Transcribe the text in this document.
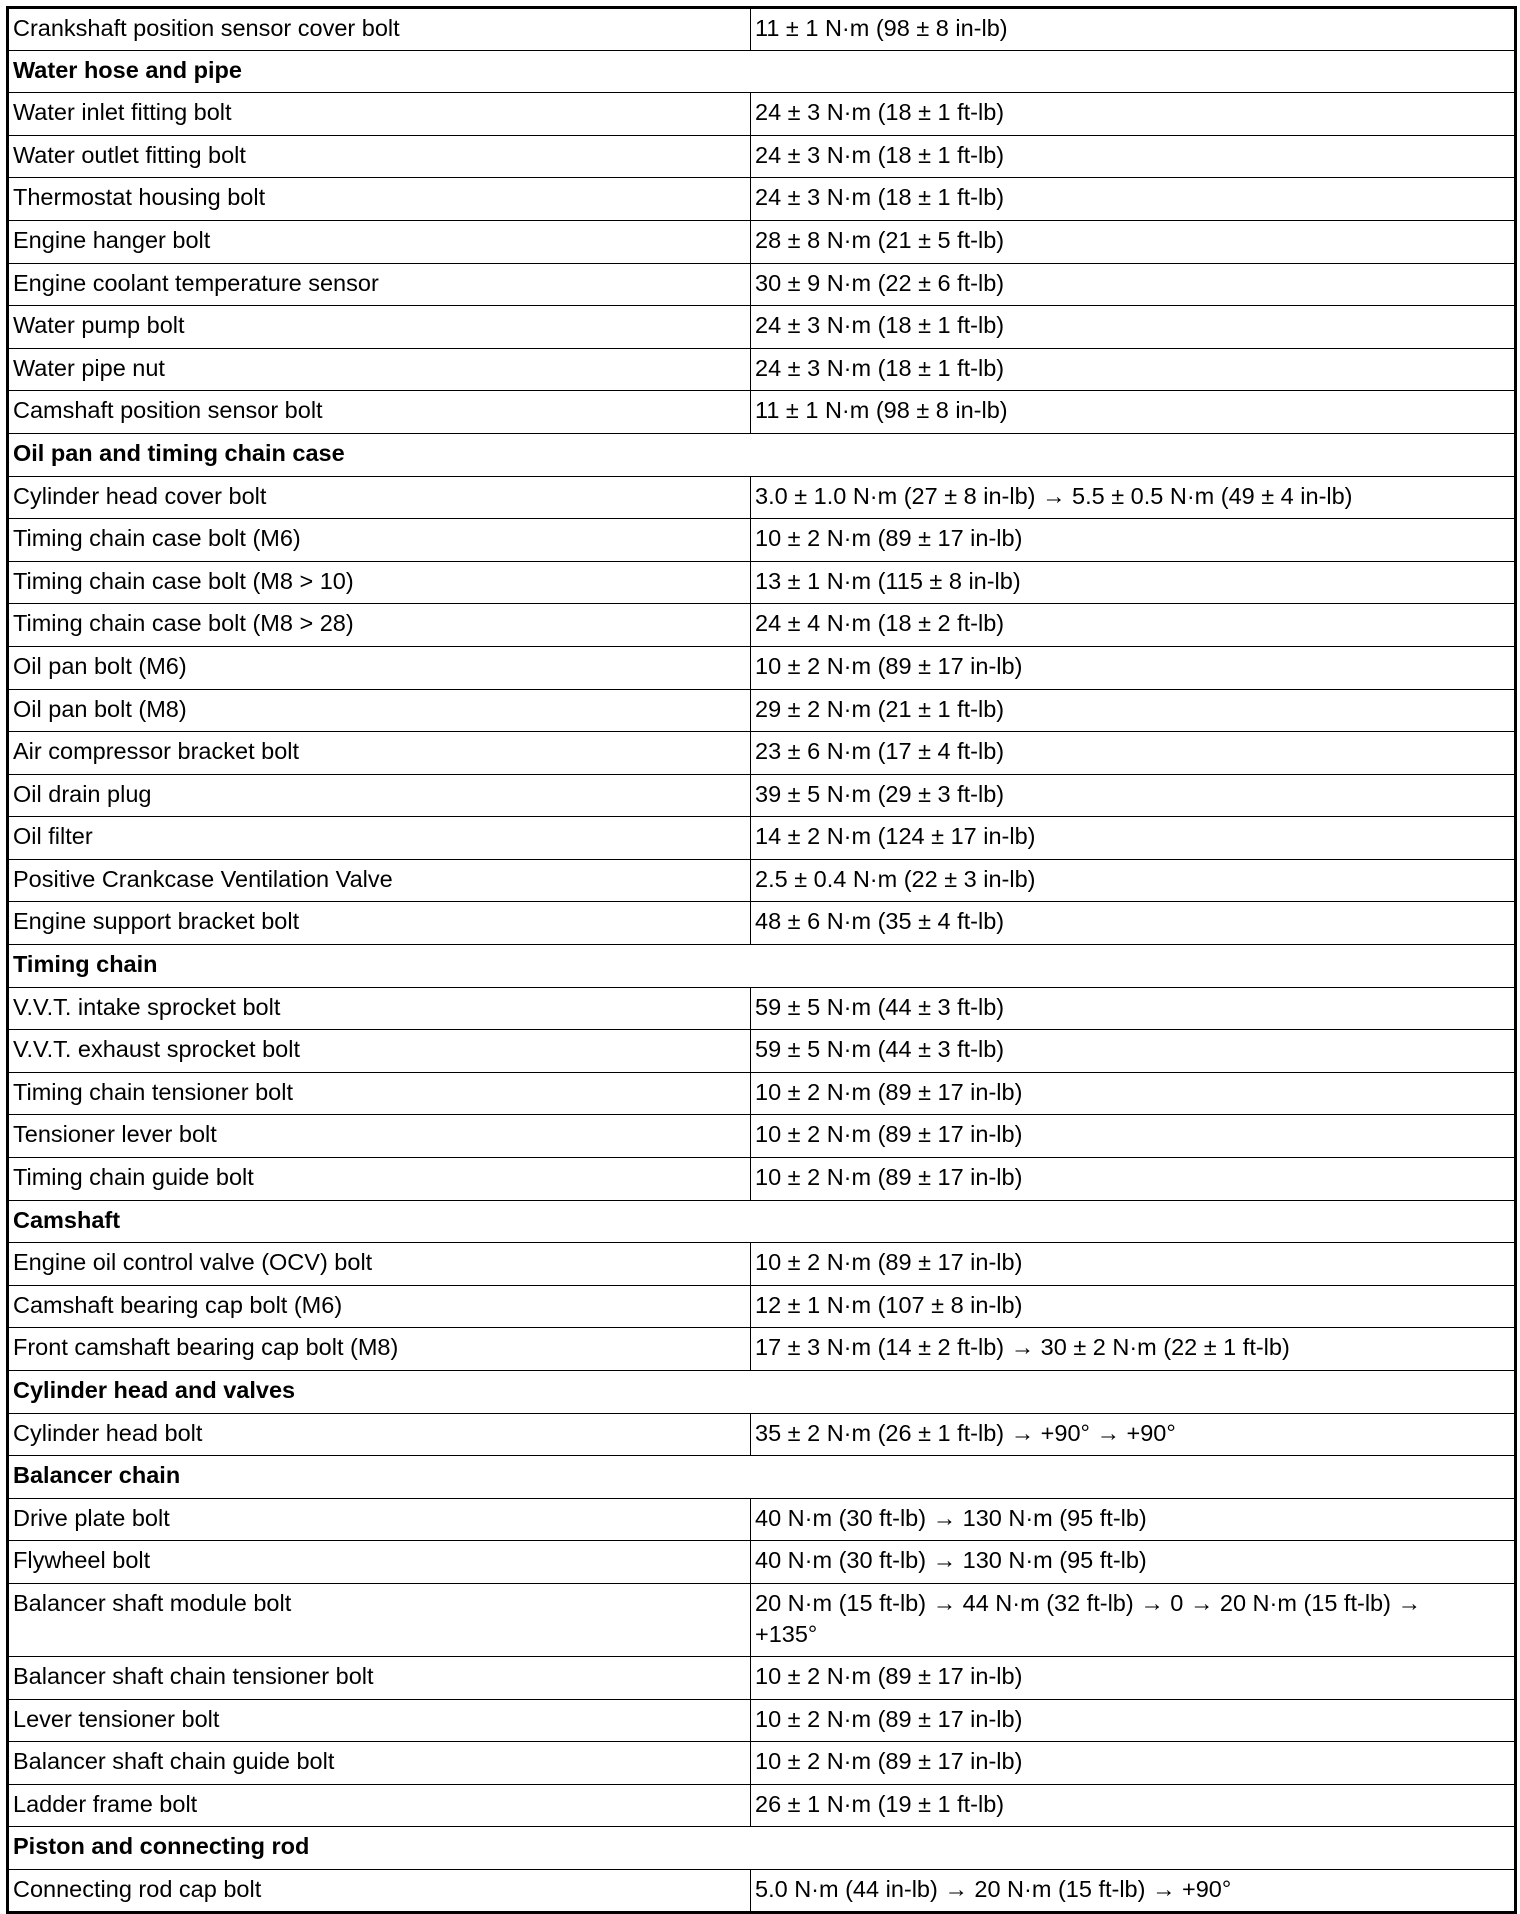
Crankshaft position sensor cover bolt	11 ± 1 N·m (98 ± 8 in-lb)
Water hose and pipe	
Water inlet fitting bolt	24 ± 3 N·m (18 ± 1 ft-lb)
Water outlet fitting bolt	24 ± 3 N·m (18 ± 1 ft-lb)
Thermostat housing bolt	24 ± 3 N·m (18 ± 1 ft-lb)
Engine hanger bolt	28 ± 8 N·m (21 ± 5 ft-lb)
Engine coolant temperature sensor	30 ± 9 N·m (22 ± 6 ft-lb)
Water pump bolt	24 ± 3 N·m (18 ± 1 ft-lb)
Water pipe nut	24 ± 3 N·m (18 ± 1 ft-lb)
Camshaft position sensor bolt	11 ± 1 N·m (98 ± 8 in-lb)
Oil pan and timing chain case	
Cylinder head cover bolt	3.0 ± 1.0 N·m (27 ± 8 in-lb) → 5.5 ± 0.5 N·m (49 ± 4 in-lb)
Timing chain case bolt (M6)	10 ± 2 N·m (89 ± 17 in-lb)
Timing chain case bolt (M8 > 10)	13 ± 1 N·m (115 ± 8 in-lb)
Timing chain case bolt (M8 > 28)	24 ± 4 N·m (18 ± 2 ft-lb)
Oil pan bolt (M6)	10 ± 2 N·m (89 ± 17 in-lb)
Oil pan bolt (M8)	29 ± 2 N·m (21 ± 1 ft-lb)
Air compressor bracket bolt	23 ± 6 N·m (17 ± 4 ft-lb)
Oil drain plug	39 ± 5 N·m (29 ± 3 ft-lb)
Oil filter	14 ± 2 N·m (124 ± 17 in-lb)
Positive Crankcase Ventilation Valve	2.5 ± 0.4 N·m (22 ± 3 in-lb)
Engine support bracket bolt	48 ± 6 N·m (35 ± 4 ft-lb)
Timing chain	
V.V.T. intake sprocket bolt	59 ± 5 N·m (44 ± 3 ft-lb)
V.V.T. exhaust sprocket bolt	59 ± 5 N·m (44 ± 3 ft-lb)
Timing chain tensioner bolt	10 ± 2 N·m (89 ± 17 in-lb)
Tensioner lever bolt	10 ± 2 N·m (89 ± 17 in-lb)
Timing chain guide bolt	10 ± 2 N·m (89 ± 17 in-lb)
Camshaft	
Engine oil control valve (OCV) bolt	10 ± 2 N·m (89 ± 17 in-lb)
Camshaft bearing cap bolt (M6)	12 ± 1 N·m (107 ± 8 in-lb)
Front camshaft bearing cap bolt (M8)	17 ± 3 N·m (14 ± 2 ft-lb) → 30 ± 2 N·m (22 ± 1 ft-lb)
Cylinder head and valves	
Cylinder head bolt	35 ± 2 N·m (26 ± 1 ft-lb) → +90° → +90°
Balancer chain	
Drive plate bolt	40 N·m (30 ft-lb) → 130 N·m (95 ft-lb)
Flywheel bolt	40 N·m (30 ft-lb) → 130 N·m (95 ft-lb)
Balancer shaft module bolt	20 N·m (15 ft-lb) → 44 N·m (32 ft-lb) → 0 → 20 N·m (15 ft-lb) → +135°
Balancer shaft chain tensioner bolt	10 ± 2 N·m (89 ± 17 in-lb)
Lever tensioner bolt	10 ± 2 N·m (89 ± 17 in-lb)
Balancer shaft chain guide bolt	10 ± 2 N·m (89 ± 17 in-lb)
Ladder frame bolt	26 ± 1 N·m (19 ± 1 ft-lb)
Piston and connecting rod	
Connecting rod cap bolt	5.0 N·m (44 in-lb) → 20 N·m (15 ft-lb) → +90°
